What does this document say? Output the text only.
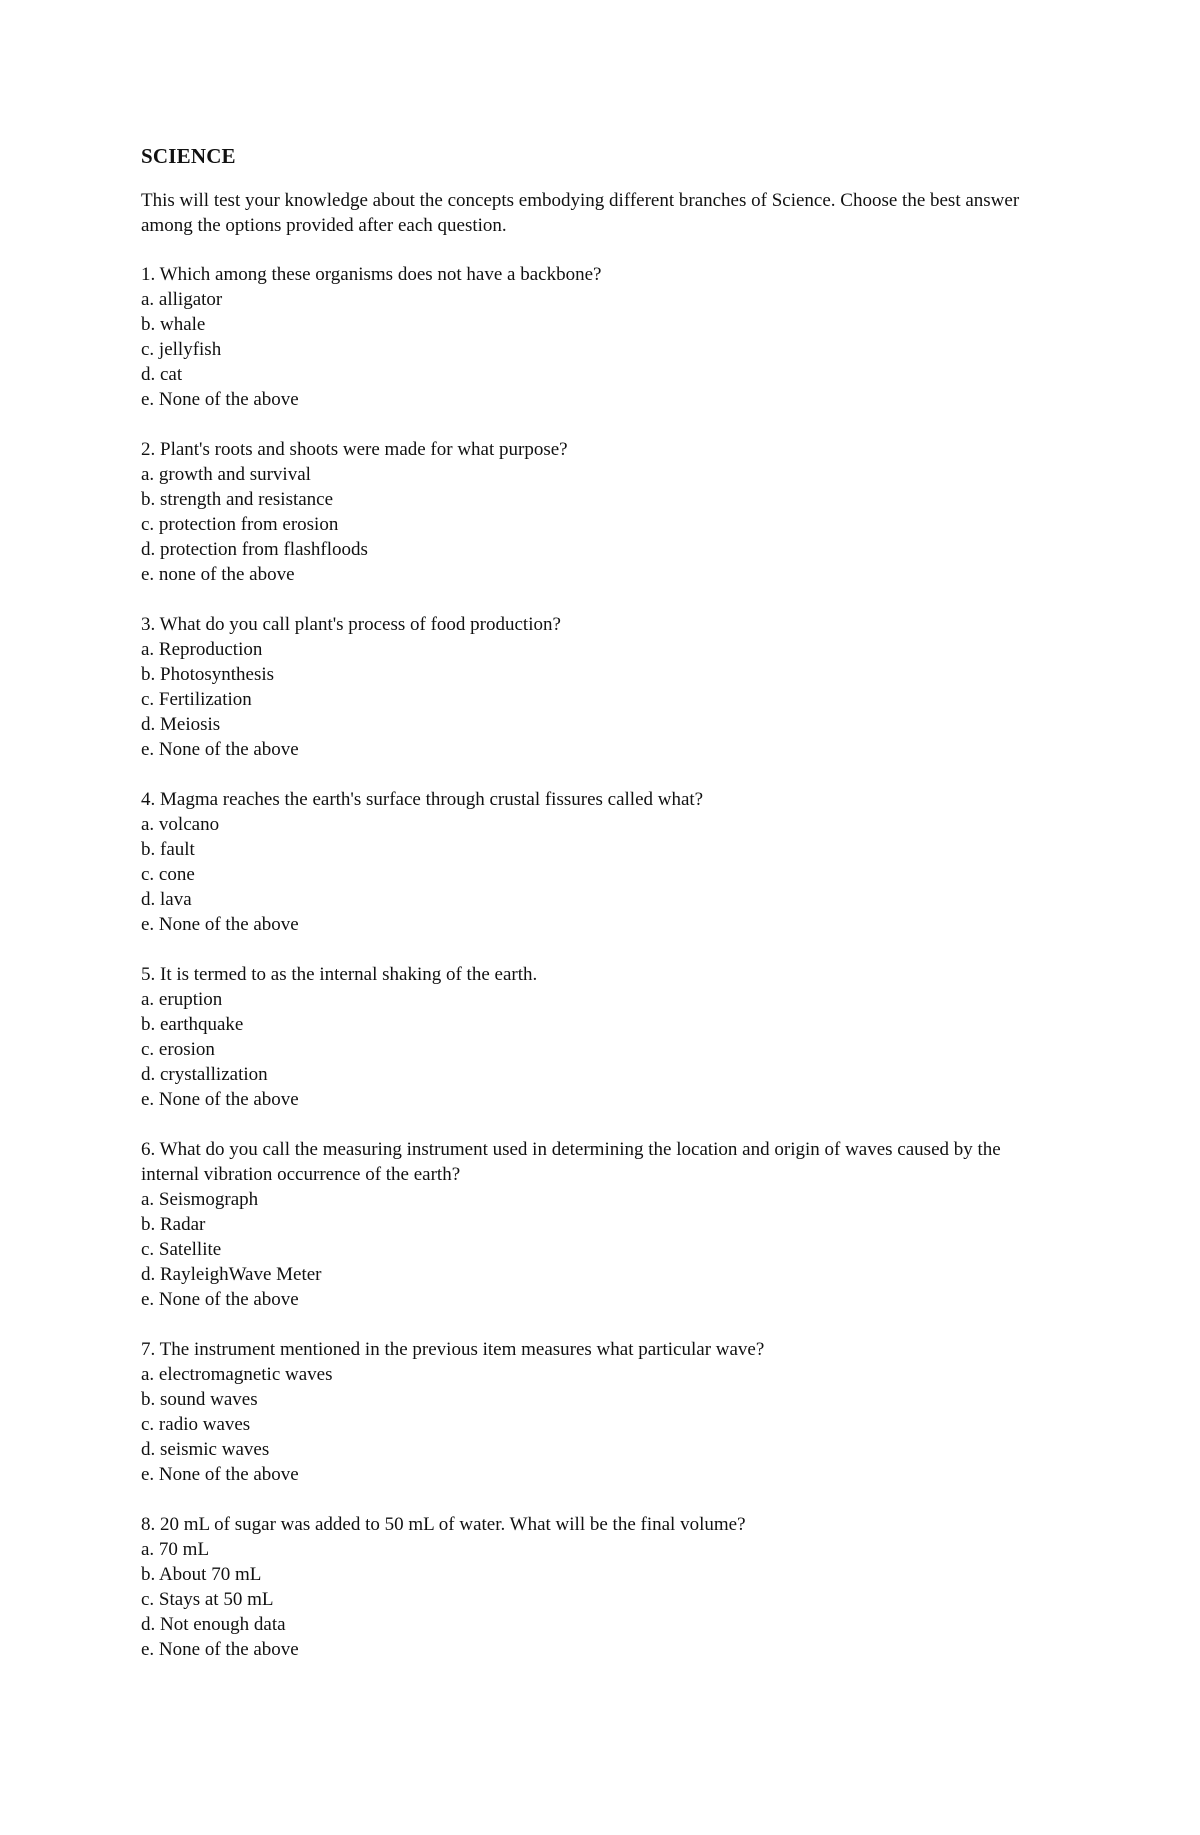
SCIENCE
This will test your knowledge about the concepts embodying different branches of Science. Choose the best answer among the options provided after each question.
1. Which among these organisms does not have a backbone?
a. alligator
b. whale
c. jellyfish
d. cat
e. None of the above
2. Plant's roots and shoots were made for what purpose?
a. growth and survival
b. strength and resistance
c. protection from erosion
d. protection from flashfloods
e. none of the above
3. What do you call plant's process of food production?
a. Reproduction
b. Photosynthesis
c. Fertilization
d. Meiosis
e. None of the above
4. Magma reaches the earth's surface through crustal fissures called what?
a. volcano
b. fault
c. cone
d. lava
e. None of the above
5. It is termed to as the internal shaking of the earth.
a. eruption
b. earthquake
c. erosion
d. crystallization
e. None of the above
6. What do you call the measuring instrument used in determining the location and origin of waves caused by the internal vibration occurrence of the earth?
a. Seismograph
b. Radar
c. Satellite
d. RayleighWave Meter
e. None of the above
7. The instrument mentioned in the previous item measures what particular wave?
a. electromagnetic waves
b. sound waves
c. radio waves
d. seismic waves
e. None of the above
8. 20 mL of sugar was added to 50 mL of water. What will be the final volume?
a. 70 mL
b. About 70 mL
c. Stays at 50 mL
d. Not enough data
e. None of the above
